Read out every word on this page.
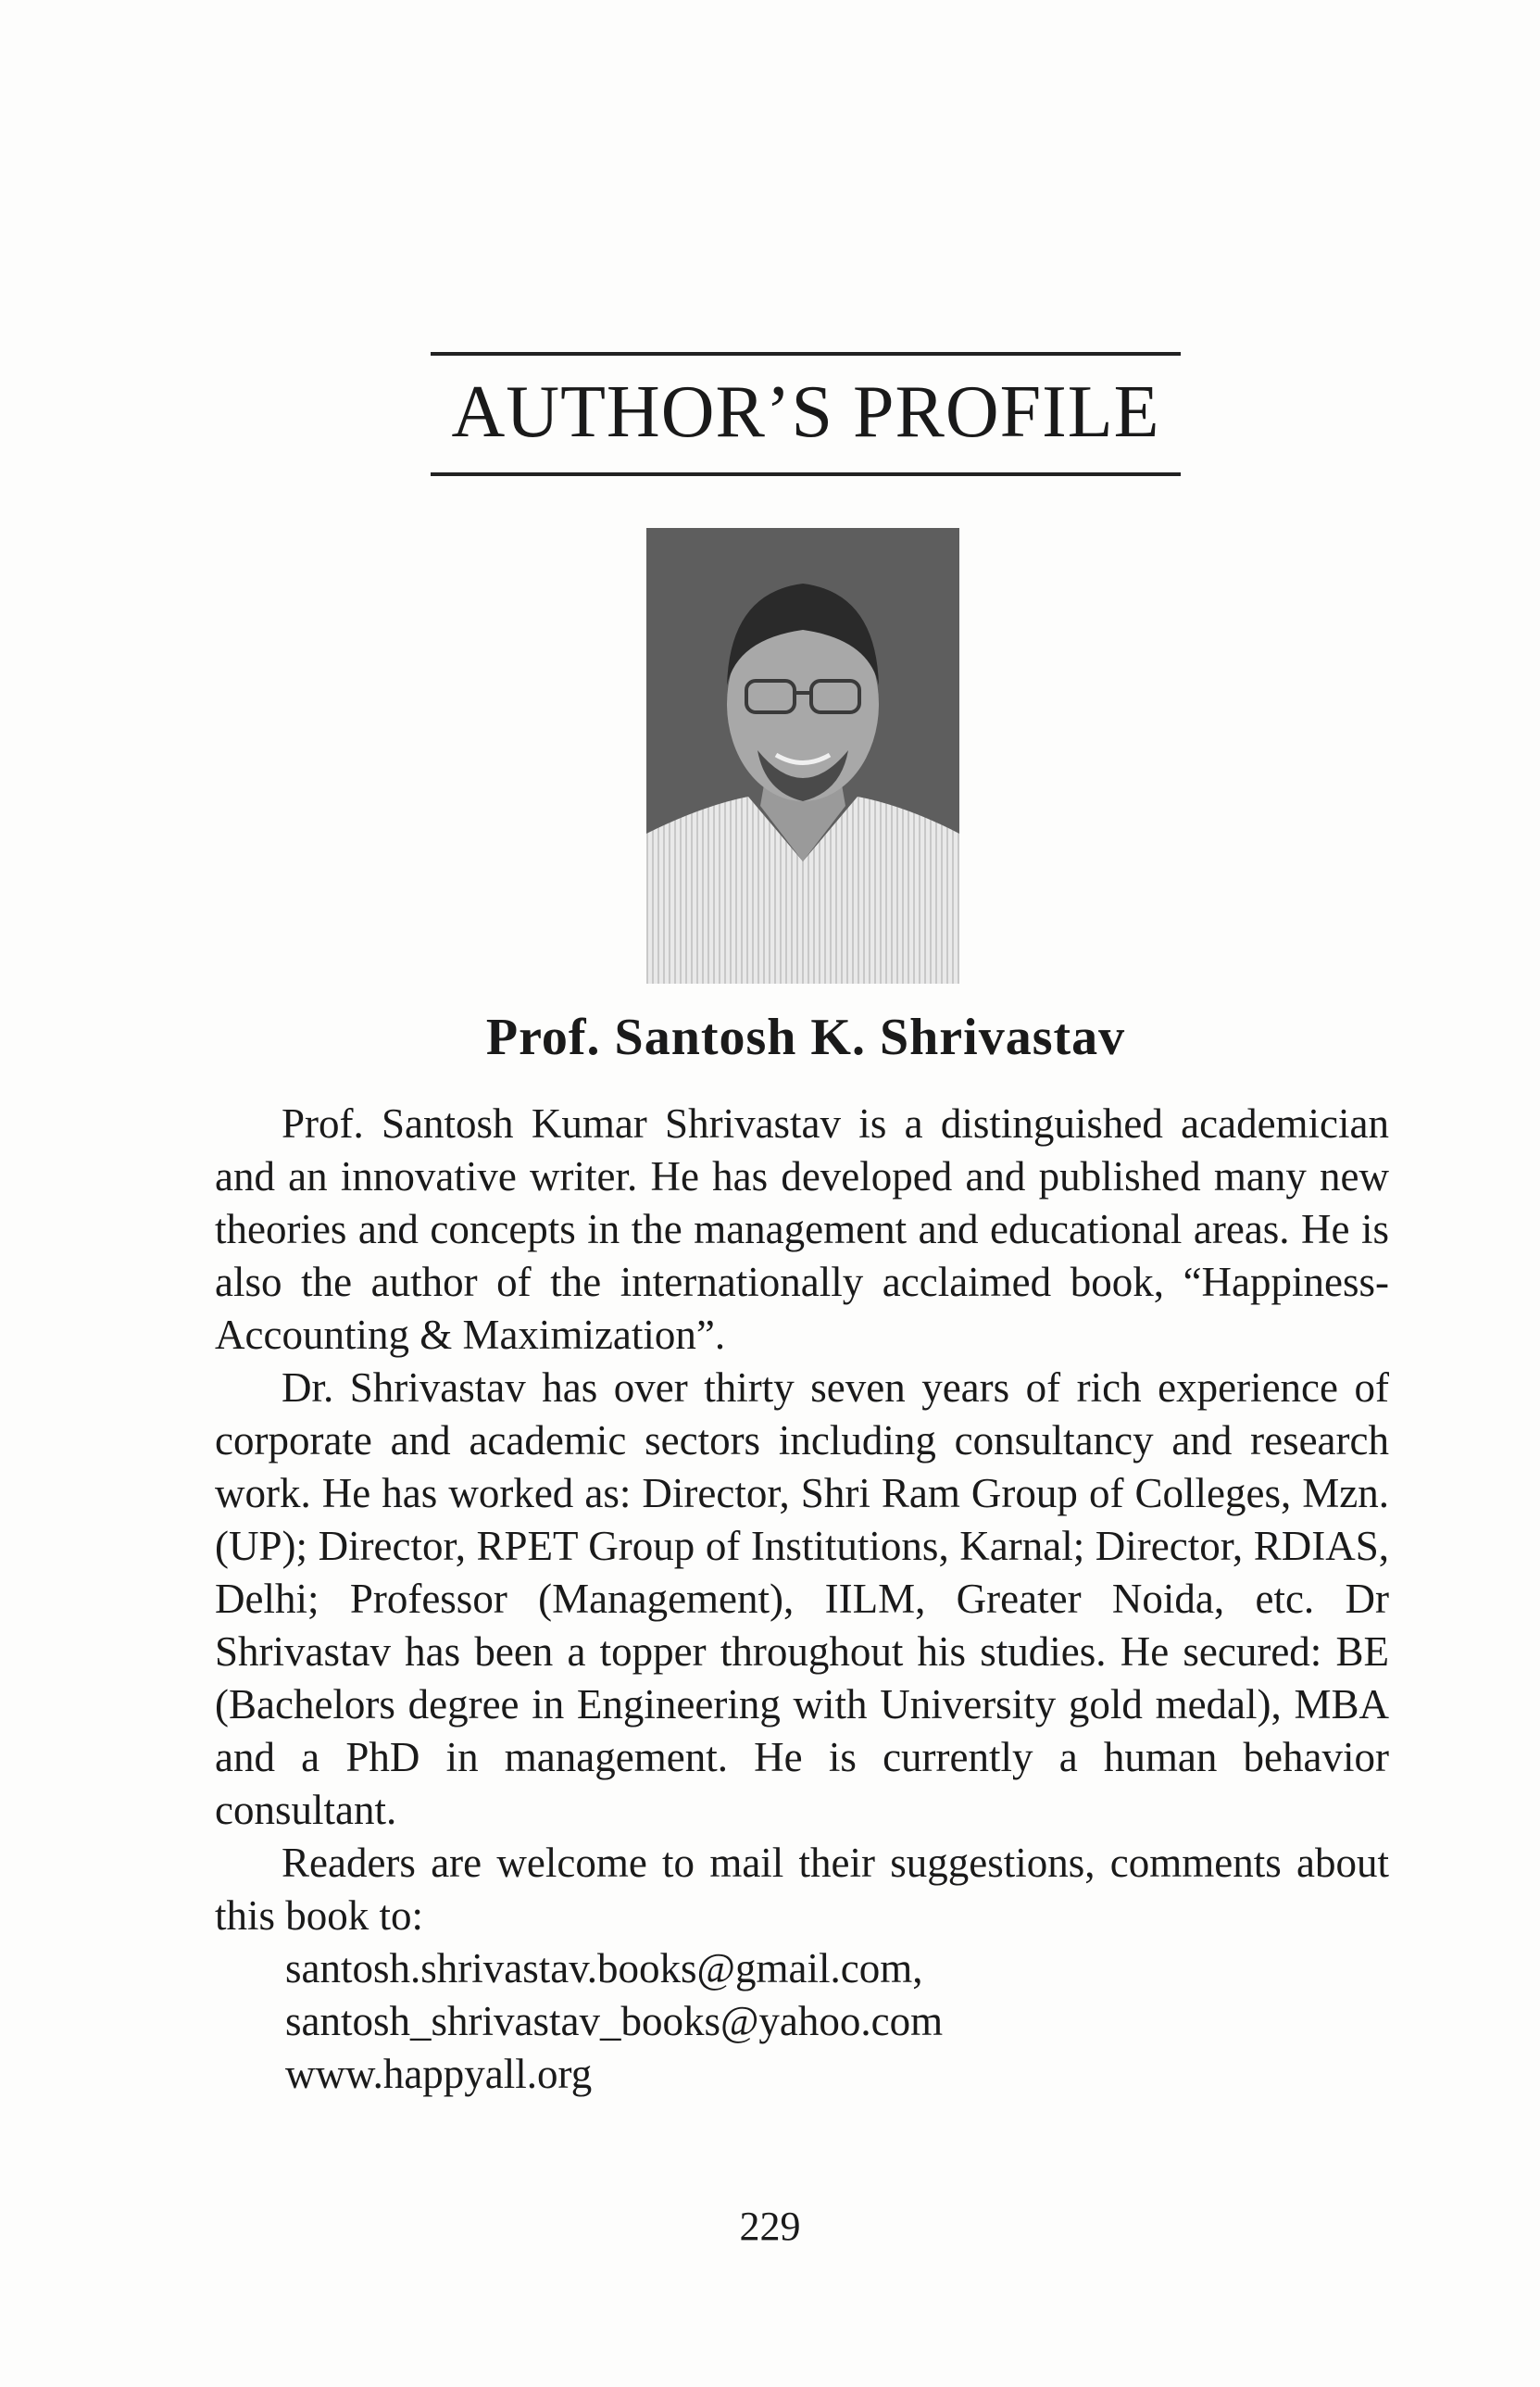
AUTHOR’S PROFILE
Prof. Santosh K. Shrivastav

Prof. Santosh Kumar Shrivastav is a distinguished academician and an innovative writer. He has developed and published many new theories and concepts in the management and educational areas. He is also the author of the internationally acclaimed book, “Happiness- Accounting & Maximization”.

Dr. Shrivastav has over thirty seven years of rich experience of corporate and academic sectors including consultancy and research work. He has worked as: Director, Shri Ram Group of Colleges, Mzn. (UP); Director, RPET Group of Institutions, Karnal; Director, RDIAS, Delhi; Professor (Management), IILM, Greater Noida, etc. Dr Shrivastav has been a topper throughout his studies. He secured: BE (Bachelors degree in Engineering with University gold medal), MBA and a PhD in management. He is currently a human behavior consultant.

Readers are welcome to mail their suggestions, comments about this book to:

santosh.shrivastav.books@gmail.com,
santosh_shrivastav_books@yahoo.com
www.happyall.org
229
